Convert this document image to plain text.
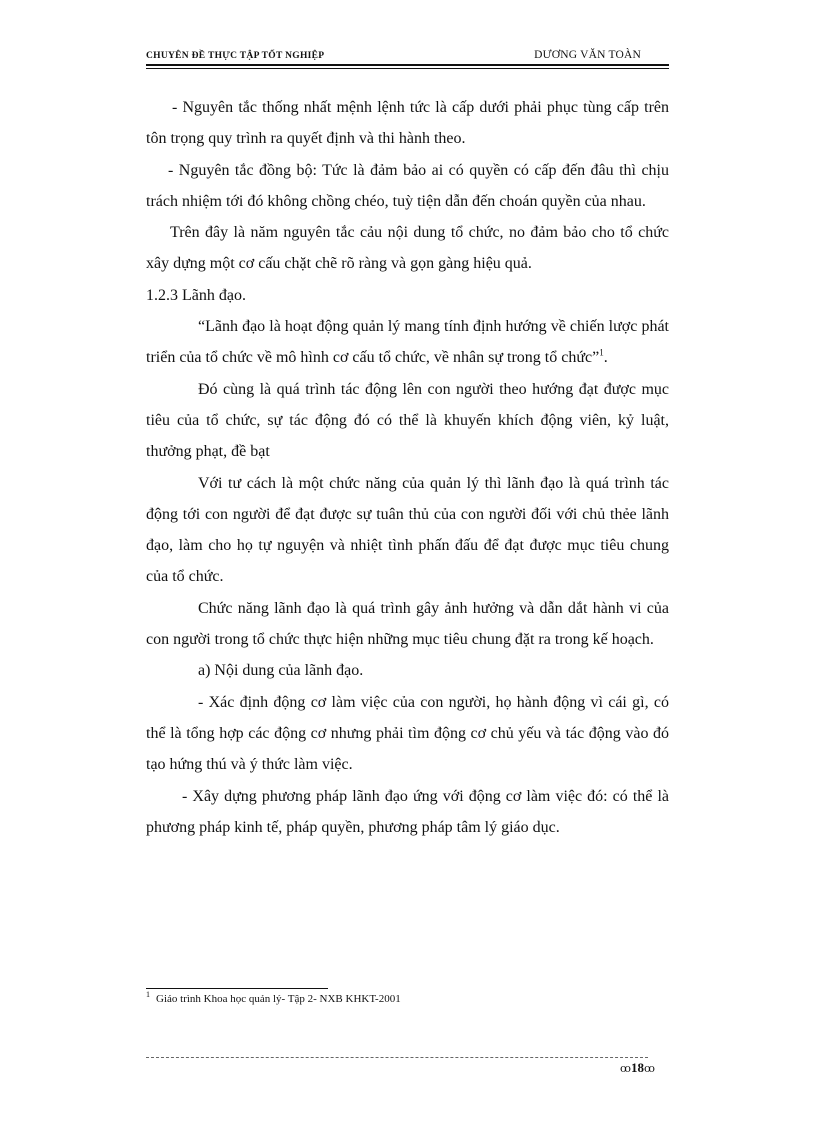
CHUYÊN ĐỀ THỰC TẬP TỐT NGHIỆP	DƯƠNG VĂN TOÀN

- Nguyên tắc thống nhất mệnh lệnh tức là cấp dưới phải phục tùng cấp trên tôn trọng quy trình ra quyết định và thi hành theo.

- Nguyên tắc đồng bộ: Tức là đảm bảo ai có quyền có cấp đến đâu thì chịu trách nhiệm tới đó không chồng chéo, tuỳ tiện dẫn đến choán quyền của nhau.

Trên đây là năm nguyên tắc cảu nội dung tổ chức, no đảm bảo cho tổ chức xây dựng một cơ cấu chặt chẽ rõ ràng và gọn gàng hiệu quả.

1.2.3 Lãnh đạo.

“Lãnh đạo là hoạt động quản lý mang tính định hướng về chiến lược phát triển của tổ chức về mô hình cơ cấu tổ chức, về nhân sự trong tổ chức”$^1$.

Đó cùng là quá trình tác động lên con người theo hướng đạt được mục tiêu của tổ chức, sự tác động đó có thể là khuyến khích động viên, kỷ luật, thưởng phạt, đề bạt

Với tư cách là một chức năng của quản lý thì lãnh đạo là quá trình tác động tới con người để đạt được sự tuân thủ của con người đối với chủ thẻe lãnh đạo, làm cho họ tự nguyện và nhiệt tình phấn đấu để đạt được mục tiêu chung của tổ chức.

Chức năng lãnh đạo là quá trình gây ảnh hưởng và dẫn dắt hành vi của con người trong tổ chức thực hiện những mục tiêu chung đặt ra trong kế hoạch.

a) Nội dung của lãnh đạo.

- Xác định động cơ làm việc của con người, họ hành động vì cái gì, có thể là tổng hợp các động cơ nhưng phải tìm động cơ chủ yếu và tác động vào đó tạo hứng thú và ý thức làm việc.

- Xây dựng phương pháp lãnh đạo ứng với động cơ làm việc đó: có thể là phương pháp kinh tế, pháp quyền, phương pháp tâm lý giáo dục.

$^1$ Giáo trình Khoa học quản lý- Tập 2- NXB KHKT-2001
ꝏ18ꝏ
